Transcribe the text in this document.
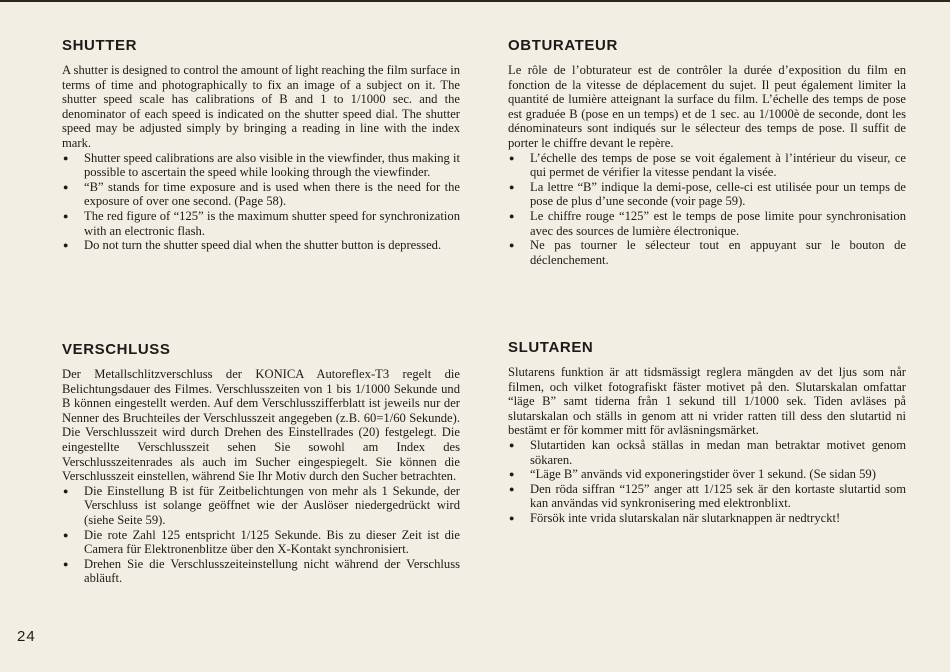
SHUTTER

A shutter is designed to control the amount of light reaching the film surface in terms of time and photographically to fix an image of a subject on it. The shutter speed scale has calibrations of B and 1 to 1/1000 sec. and the denominator of each speed is indicated on the shutter speed dial. The shutter speed may be adjusted simply by bringing a reading in line with the index mark.

● Shutter speed calibrations are also visible in the viewfinder, thus making it possible to ascertain the speed while looking through the viewfinder.
● “B” stands for time exposure and is used when there is the need for the exposure of over one second. (Page 58).
● The red figure of “125” is the maximum shutter speed for synchronization with an electronic flash.
● Do not turn the shutter speed dial when the shutter button is depressed.
OBTURATEUR

Le rôle de l’obturateur est de contrôler la durée d’exposition du film en fonction de la vitesse de déplacement du sujet. Il peut également limiter la quantité de lumière atteignant la surface du film. L’échelle des temps de pose est graduée B (pose en un temps) et de 1 sec. au 1/1000è de seconde, dont les dénominateurs sont indiqués sur le sélecteur des temps de pose. Il suffit de porter le chiffre devant le repère.

● L’échelle des temps de pose se voit également à l’intérieur du viseur, ce qui permet de vérifier la vitesse pendant la visée.
● La lettre “B” indique la demi-pose, celle-ci est utilisée pour un temps de pose de plus d’une seconde (voir page 59).
● Le chiffre rouge “125” est le temps de pose limite pour synchronisation avec des sources de lumière électronique.
● Ne pas tourner le sélecteur tout en appuyant sur le bouton de déclenchement.
VERSCHLUSS

Der Metallschlitzverschluss der KONICA Autoreflex-T3 regelt die Belichtungsdauer des Filmes. Verschlusszeiten von 1 bis 1/1000 Sekunde und B können eingestellt werden. Auf dem Verschlusszifferblatt ist jeweils nur der Nenner des Bruchteiles der Verschlusszeit angegeben (z.B. 60=1/60 Sekunde). Die Verschlusszeit wird durch Drehen des Einstellrades (20) festgelegt. Die eingestellte Verschlusszeit sehen Sie sowohl am Index des Verschlusszeitenrades als auch im Sucher eingespiegelt. Sie können die Verschlusszeit einstellen, während Sie Ihr Motiv durch den Sucher betrachten.

● Die Einstellung B ist für Zeitbelichtungen von mehr als 1 Sekunde, der Verschluss ist solange geöffnet wie der Auslöser niedergedrückt wird (siehe Seite 59).
● Die rote Zahl 125 entspricht 1/125 Sekunde. Bis zu dieser Zeit ist die Camera für Elektronenblitze über den X-Kontakt synchronisiert.
● Drehen Sie die Verschlusszeiteinstellung nicht während der Verschluss abläuft.
SLUTAREN

Slutarens funktion är att tidsmässigt reglera mängden av det ljus som når filmen, och vilket fotografiskt fäster motivet på den. Slutarskalan omfattar “läge B” samt tiderna från 1 sekund till 1/1000 sek. Tiden avläses på slutarskalan och ställs in genom att ni vrider ratten till dess den slutartid ni bestämt er för kommer mitt för avläsningsmärket.

● Slutartiden kan också ställas in medan man betraktar motivet genom sökaren.
● “Läge B” används vid exponeringstider över 1 sekund. (Se sidan 59)
● Den röda siffran “125” anger att 1/125 sek är den kortaste slutartid som kan användas vid synkronisering med elektronblixt.
● Försök inte vrida slutarskalan när slutarknappen är nedtryckt!
24
